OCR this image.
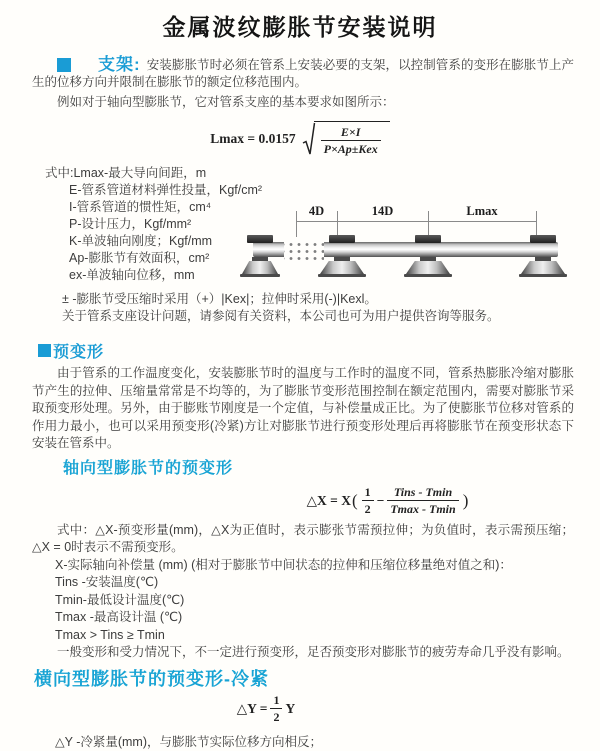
金属波纹膨胀节安装说明

支架: 安装膨胀节时必须在管系上安装必要的支架，以控制管系的变形在膨胀节上产生的位移方向并限制在膨胀节的额定位移范围内。

例如对于轴向型膨胀节，它对管系支座的基本要求如图所示：

$Lmax = 0.0157 \frac{E\times I}{\text{P×Ap±Kex}}$
式中:Lmax-最大导向间距，m
E-管系管道材料弹性投量，Kgf/cm²
I-管系管道的惯性矩，cm⁴
P-设计压力，Kgf/mm²
K-单波轴向刚度；Kgf/mm
Ap-膨胀节有效面积，cm²
ex-单波轴向位移，mm
± -膨胀节受压缩时采用（+）|Kex|；拉伸时采用(-)|Kexl。
关于管系支座设计问题，请参阅有关资料，本公司也可为用户提供咨询等服务。
4D	14D	Lmax
预变形

由于管系的工作温度变化，安装膨胀节时的温度与工作时的温度不同，管系热膨胀冷缩对膨胀节产生的拉伸、压缩量常常是不均等的，为了膨胀节变形范围控制在额定范围内，需要对膨胀节采取预变形处理。另外，由于膨账节刚度是一个定值，与补偿量成正比。为了使膨胀节位移对管系的作用力最小，也可以采用预变形(冷紧)方让对膨胀节进行预变形处理后再将膨胀节在预变形状态下安装在管系中。

轴向型膨胀节的预变形
△X = X ( $\frac{1}{2} - \frac{\text{Tins - Tmin}}{Tmax - Tmin}$ )

式中：△X-预变形量(mm)，△X为正值时，表示膨张节需预拉伸；为负值时，表示需预压缩；△X = 0时表示不需预变形。

X-实际轴向补偿量 (mm) (相对于膨胀节中间状态的拉伸和压缩位移量绝对值之和)：
Tins -安装温度(℃)
Tmin-最低设计温度(℃)
Tmax -最高设计温 (℃)
Tmax > Tins ≥ Tmin

一般变形和受力情况下，不一定进行预变形，足否预变形对膨胀节的疲劳寿命几乎没有影响。

横向型膨胀节的预变形-冷紧
△Y = $\frac{1}{2}$ Y
△Y -冷紧量(mm)，与膨胀节实际位移方向相反；
